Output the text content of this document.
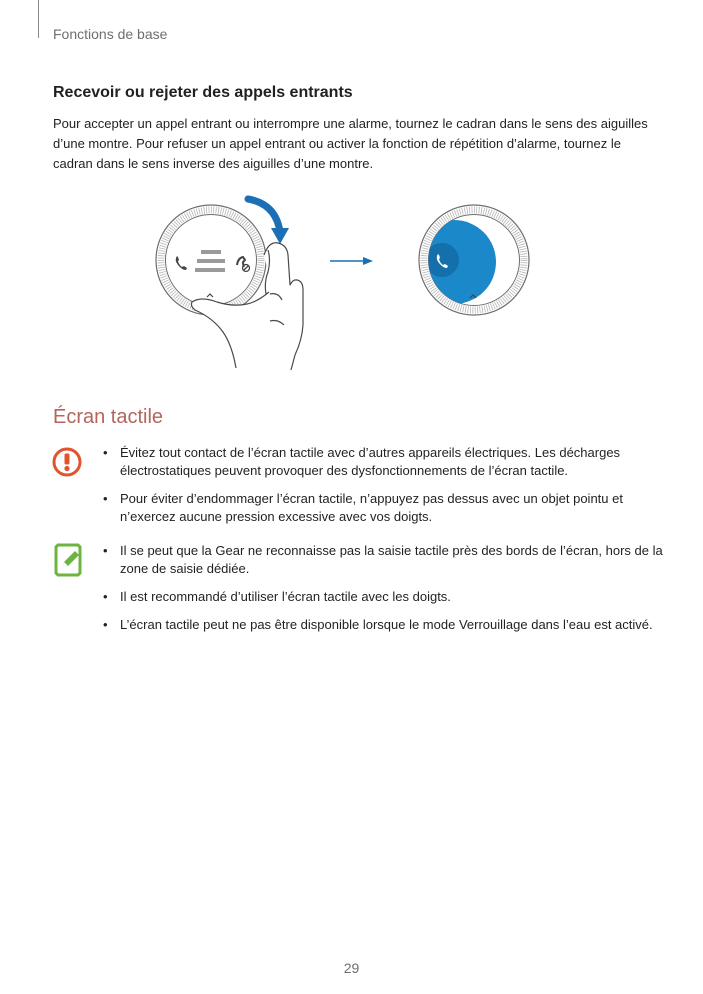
Fonctions de base
Recevoir ou rejeter des appels entrants

Pour accepter un appel entrant ou interrompre une alarme, tournez le cadran dans le sens des aiguilles d’une montre. Pour refuser un appel entrant ou activer la fonction de répétition d’alarme, tournez le cadran dans le sens inverse des aiguilles d’une montre.

Écran tactile
• Évitez tout contact de l’écran tactile avec d’autres appareils électriques. Les décharges électrostatiques peuvent provoquer des dysfonctionnements de l’écran tactile.
• Pour éviter d’endommager l’écran tactile, n’appuyez pas dessus avec un objet pointu et n’exercez aucune pression excessive avec vos doigts.
• Il se peut que la Gear ne reconnaisse pas la saisie tactile près des bords de l’écran, hors de la zone de saisie dédiée.
• Il est recommandé d’utiliser l’écran tactile avec les doigts.
• L’écran tactile peut ne pas être disponible lorsque le mode Verrouillage dans l’eau est activé.
29
